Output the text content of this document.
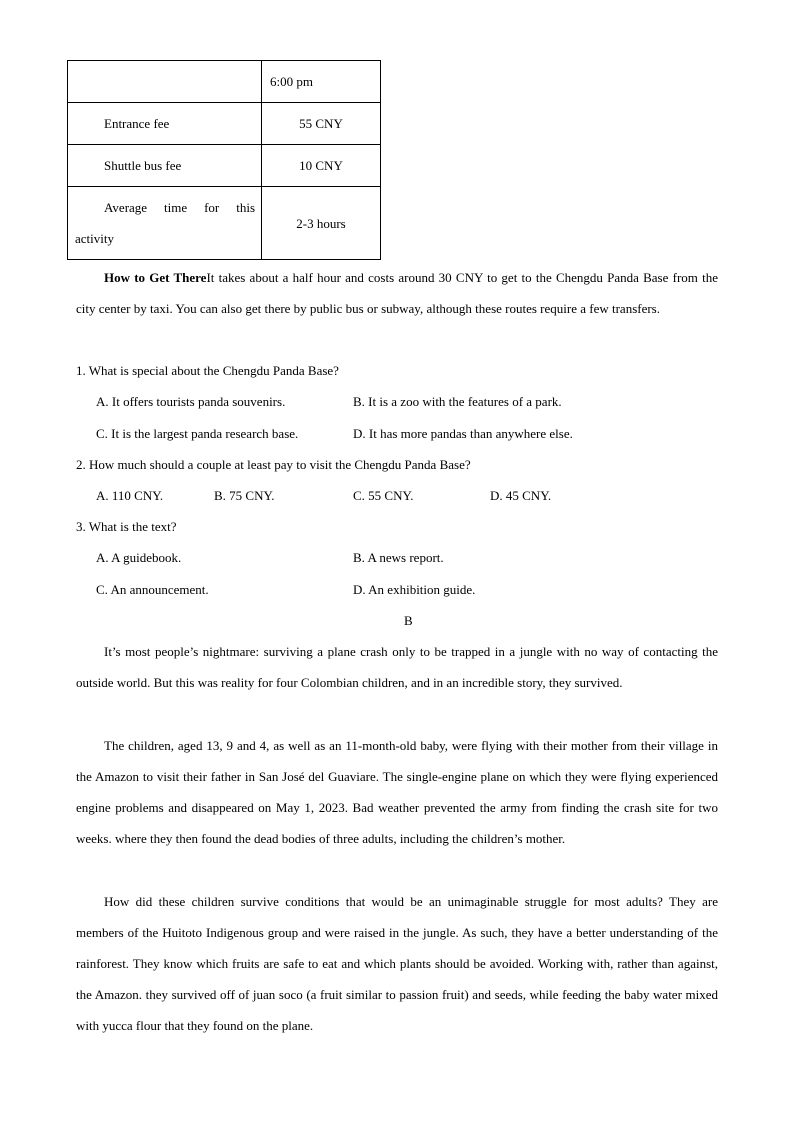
	6:00 pm
Entrance fee	55 CNY
Shuttle bus fee	10 CNY

Average time for this
activity	2-3 hours

How to Get ThereIt takes about a half hour and costs around 30 CNY to get to the Chengdu Panda Base from the city center by taxi. You can also get there by public bus or subway, although these routes require a few transfers.

1. What is special about the Chengdu Panda Base?
A. It offers tourists panda souvenirs.	B. It is a zoo with the features of a park.
C. It is the largest panda research base.	D. It has more pandas than anywhere else.
2. How much should a couple at least pay to visit the Chengdu Panda Base?
A. 110 CNY.	B. 75 CNY.	C. 55 CNY.	D. 45 CNY.
3. What is the text?
A. A guidebook.	B. A news report.
C. An announcement.	D. An exhibition guide.
B

It’s most people’s nightmare: surviving a plane crash only to be trapped in a jungle with no way of contacting the outside world. But this was reality for four Colombian children, and in an incredible story, they survived.

The children, aged 13, 9 and 4, as well as an 11-month-old baby, were flying with their mother from their village in the Amazon to visit their father in San José del Guaviare. The single-engine plane on which they were flying experienced engine problems and disappeared on May 1, 2023. Bad weather prevented the army from finding the crash site for two weeks. where they then found the dead bodies of three adults, including the children’s mother.

How did these children survive conditions that would be an unimaginable struggle for most adults? They are members of the Huitoto Indigenous group and were raised in the jungle. As such, they have a better understanding of the rainforest. They know which fruits are safe to eat and which plants should be avoided. Working with, rather than against, the Amazon. they survived off of juan soco (a fruit similar to passion fruit) and seeds, while feeding the baby water mixed with yucca flour that they found on the plane.
